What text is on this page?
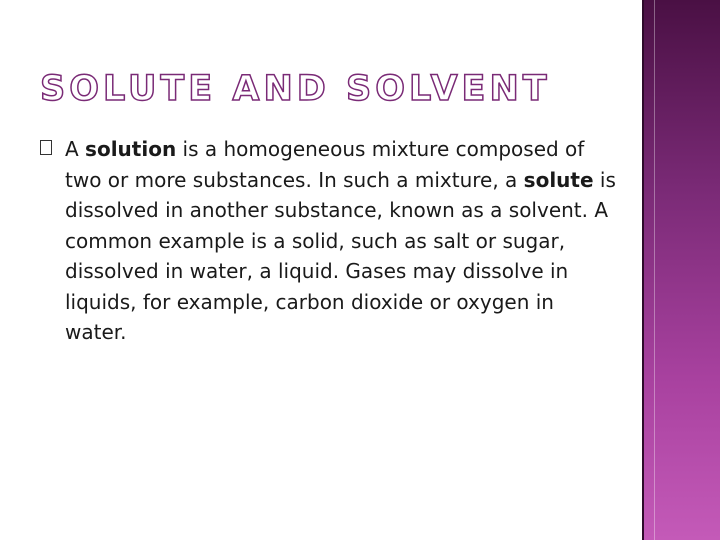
SOLUTE AND SOLVENT
A solution is a homogeneous mixture composed of two or more substances. In such a mixture, a solute is dissolved in another substance, known as a solvent. A common example is a solid, such as salt or sugar, dissolved in water, a liquid. Gases may dissolve in liquids, for example, carbon dioxide or oxygen in water.
